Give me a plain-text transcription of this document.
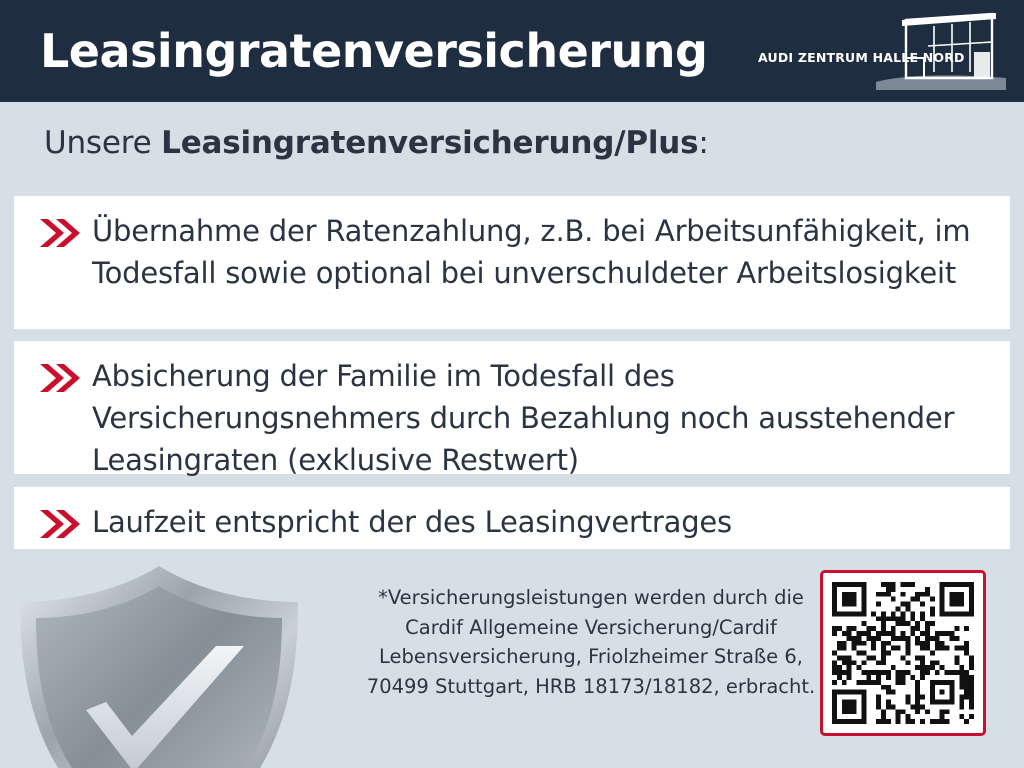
Leasingratenversicherung	AUDI ZENTRUM HALLE NORD
Unsere Leasingratenversicherung/Plus:
Übernahme der Ratenzahlung, z.B. bei Arbeitsunfähigkeit, im Todesfall sowie optional bei unverschuldeter Arbeitslosigkeit
Absicherung der Familie im Todesfall des Versicherungsnehmers durch Bezahlung noch ausstehender Leasingraten (exklusive Restwert)
Laufzeit entspricht der des Leasingvertrages
*Versicherungsleistungen werden durch die Cardif Allgemeine Versicherung/Cardif Lebensversicherung, Friolzheimer Straße 6, 70499 Stuttgart, HRB 18173/18182, erbracht.
